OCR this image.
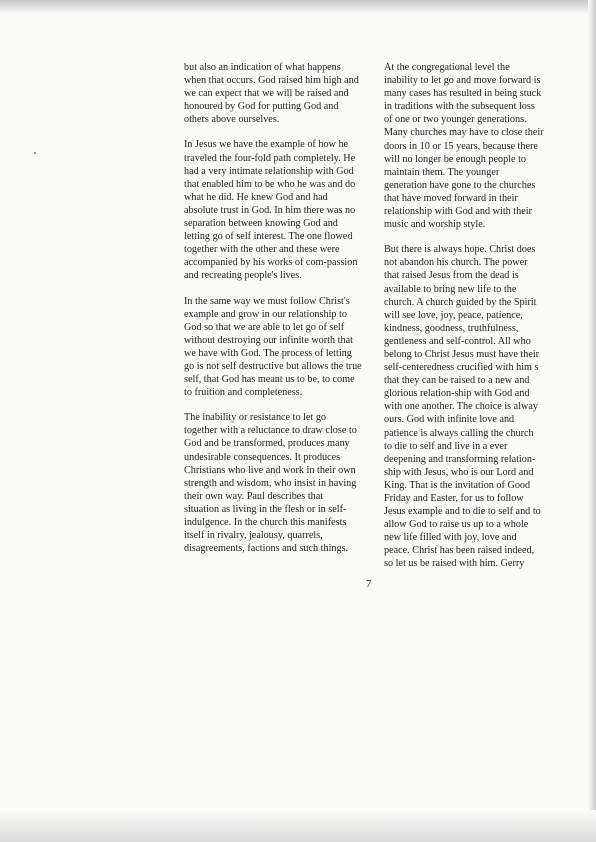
but also an indication of what happens
when that occurs. God raised him high and
we can expect that we will be raised and
honoured by God for putting God and
others above ourselves.

In Jesus we have the example of how he
traveled the four-fold path completely. He
had a very intimate relationship with God
that enabled him to be who he was and do
what he did. He knew God and had
absolute trust in God. In him there was no
separation between knowing God and
letting go of self interest. The one flowed
together with the other and these were
accompanied by his works of com-passion
and recreating people's lives.

In the same way we must follow Christ's
example and grow in our relationship to
God so that we are able to let go of self
without destroying our infinite worth that
we have with God. The process of letting
go is not self destructive but allows the true
self, that God has meant us to be, to come
to fruition and completeness.

The inability or resistance to let go
together with a reluctance to draw close to
God and be transformed, produces many
undesirable consequences. It produces
Christians who live and work in their own
strength and wisdom, who insist in having
their own way. Paul describes that
situation as living in the flesh or in self-
indulgence. In the church this manifests
itself in rivalry, jealousy, quarrels,
disagreements, factions and such things.

At the congregational level the
inability to let go and move forward is
many cases has resulted in being stuck
in traditions with the subsequent loss
of one or two younger generations.
Many churches may have to close their
doors in 10 or 15 years, because there
will no longer be enough people to
maintain them. The younger
generation have gone to the churches
that have moved forward in their
relationship with God and with their
music and worship style.

But there is always hope. Christ does
not abandon his church. The power
that raised Jesus from the dead is
available to bring new life to the
church. A church guided by the Spirit
will see love, joy, peace, patience,
kindness, goodness, truthfulness,
gentleness and self-control. All who
belong to Christ Jesus must have their
self-centeredness crucified with him s
that they can be raised to a new and
glorious relation-ship with God and
with one another. The choice is alway
ours. God with infinite love and
patience is always calling the church
to die to self and live in a ever
deepening and transforming relation-
ship with Jesus, who is our Lord and
King. That is the invitation of Good
Friday and Easter, for us to follow
Jesus example and to die to self and to
allow God to raise us up to a whole
new life filled with joy, love and
peace. Christ has been raised indeed,
so let us be raised with him. Gerry

7
